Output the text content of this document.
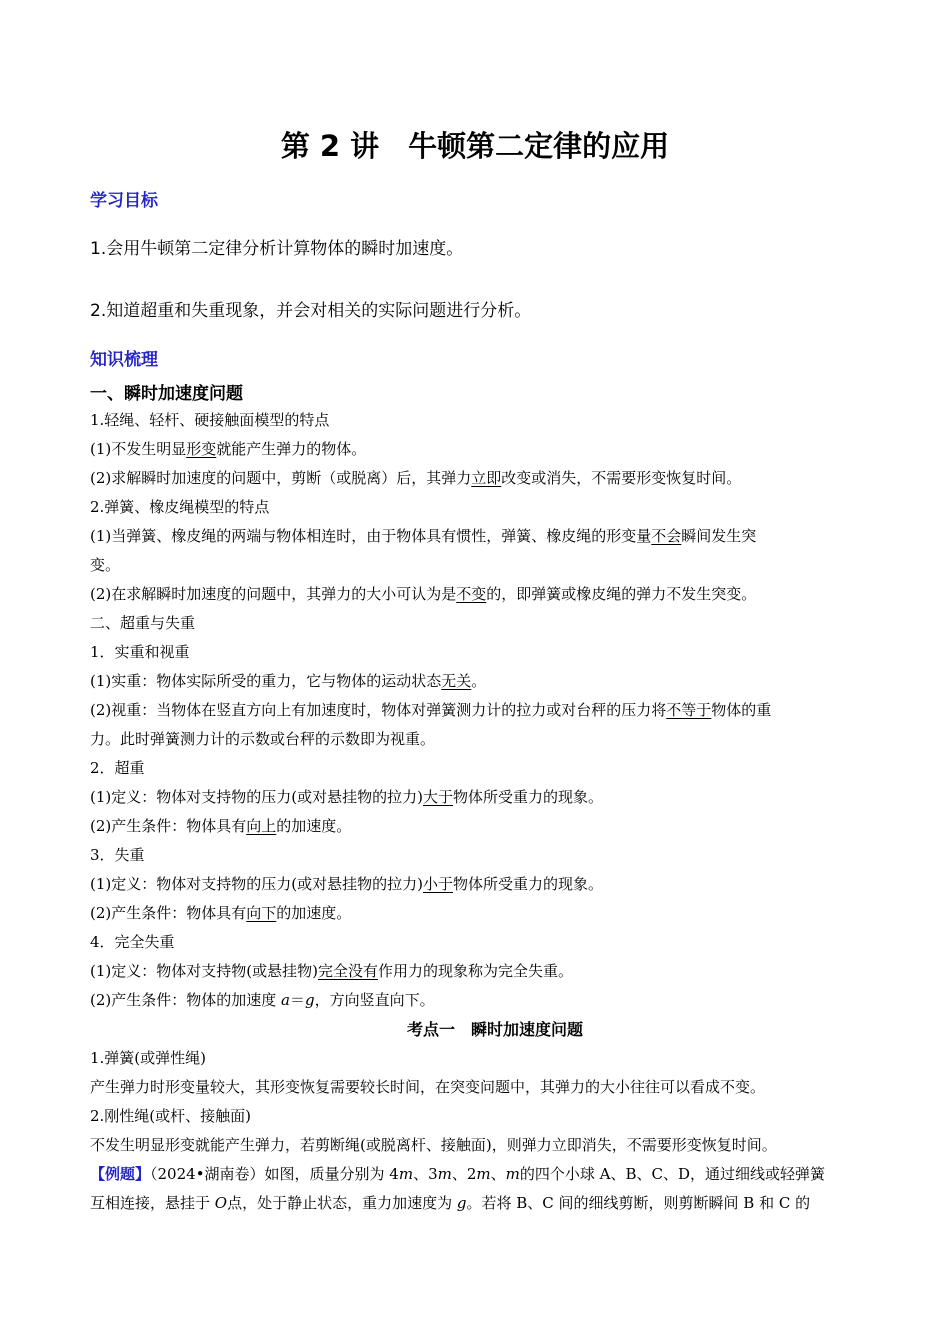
第 2 讲　牛顿第二定律的应用
学习目标
1.会用牛顿第二定律分析计算物体的瞬时加速度。
2.知道超重和失重现象，并会对相关的实际问题进行分析。
知识梳理
一、瞬时加速度问题
1.轻绳、轻杆、硬接触面模型的特点
(1)不发生明显形变就能产生弹力的物体。
(2)求解瞬时加速度的问题中，剪断（或脱离）后，其弹力立即改变或消失，不需要形变恢复时间。
2.弹簧、橡皮绳模型的特点
(1)当弹簧、橡皮绳的两端与物体相连时，由于物体具有惯性，弹簧、橡皮绳的形变量不会瞬间发生突
变。
(2)在求解瞬时加速度的问题中，其弹力的大小可认为是不变的，即弹簧或橡皮绳的弹力不发生突变。
二、超重与失重
1．实重和视重
(1)实重：物体实际所受的重力，它与物体的运动状态无关。
(2)视重：当物体在竖直方向上有加速度时，物体对弹簧测力计的拉力或对台秤的压力将不等于物体的重
力。此时弹簧测力计的示数或台秤的示数即为视重。
2．超重
(1)定义：物体对支持物的压力(或对悬挂物的拉力)大于物体所受重力的现象。
(2)产生条件：物体具有向上的加速度。
3．失重
(1)定义：物体对支持物的压力(或对悬挂物的拉力)小于物体所受重力的现象。
(2)产生条件：物体具有向下的加速度。
4．完全失重
(1)定义：物体对支持物(或悬挂物)完全没有作用力的现象称为完全失重。
(2)产生条件：物体的加速度 a＝g，方向竖直向下。
考点一　瞬时加速度问题
1.弹簧(或弹性绳)
产生弹力时形变量较大，其形变恢复需要较长时间，在突变问题中，其弹力的大小往往可以看成不变。
2.刚性绳(或杆、接触面)
不发生明显形变就能产生弹力，若剪断绳(或脱离杆、接触面)，则弹力立即消失，不需要形变恢复时间。
【例题】（2024•湖南卷）如图，质量分别为 4m、3m、2m、m的四个小球 A、B、C、D，通过细线或轻弹簧
互相连接，悬挂于 O点，处于静止状态，重力加速度为 g。若将 B、C 间的细线剪断，则剪断瞬间 B 和 C 的
